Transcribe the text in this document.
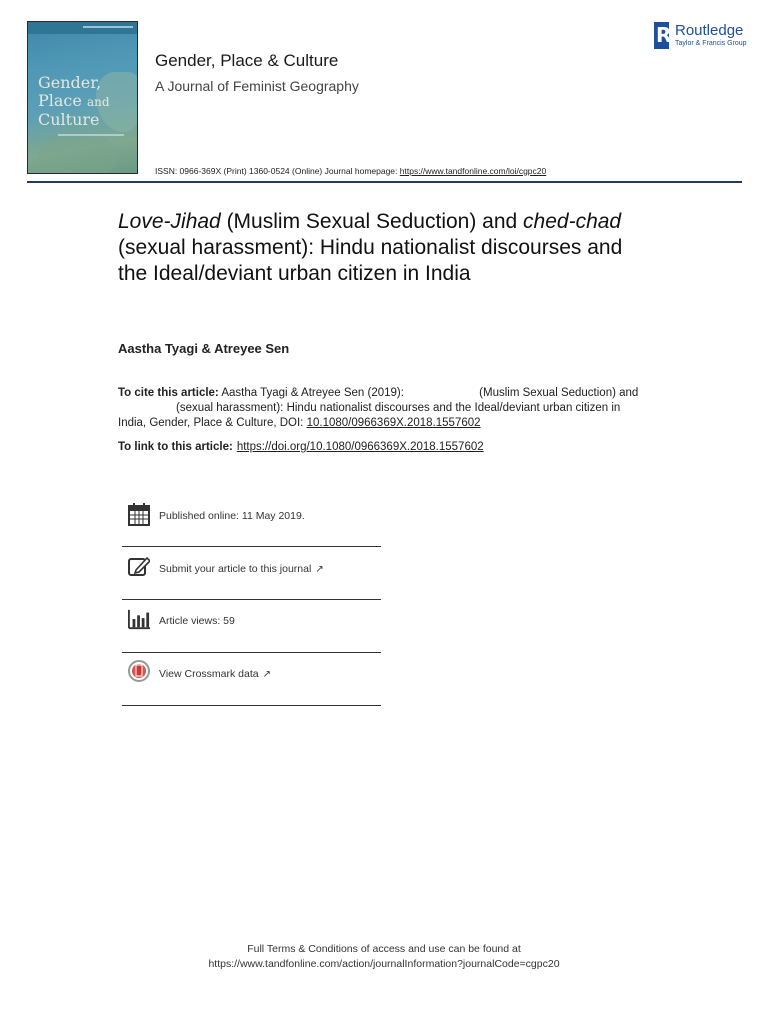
Gender,
Place and
Culture
Gender, Place & Culture
A Journal of Feminist Geography
R Routledge
Taylor & Francis Group
ISSN: 0966-369X (Print) 1360-0524 (Online) Journal homepage: https://www.tandfonline.com/loi/cgpc20
Love-Jihad (Muslim Sexual Seduction) and ched-chad (sexual harassment): Hindu nationalist discourses and the Ideal/deviant urban citizen in India
Aastha Tyagi & Atreyee Sen
To cite this article: Aastha Tyagi & Atreyee Sen (2019):	(Muslim Sexual Seduction) and (sexual harassment): Hindu nationalist discourses and the Ideal/deviant urban citizen in India, Gender, Place & Culture, DOI: 10.1080/0966369X.2018.1557602
To link to this article: https://doi.org/10.1080/0966369X.2018.1557602
Published online: 11 May 2019.
Submit your article to this journal ↗
Article views: 59
View Crossmark data ↗
Full Terms & Conditions of access and use can be found at
https://www.tandfonline.com/action/journalInformation?journalCode=cgpc20
